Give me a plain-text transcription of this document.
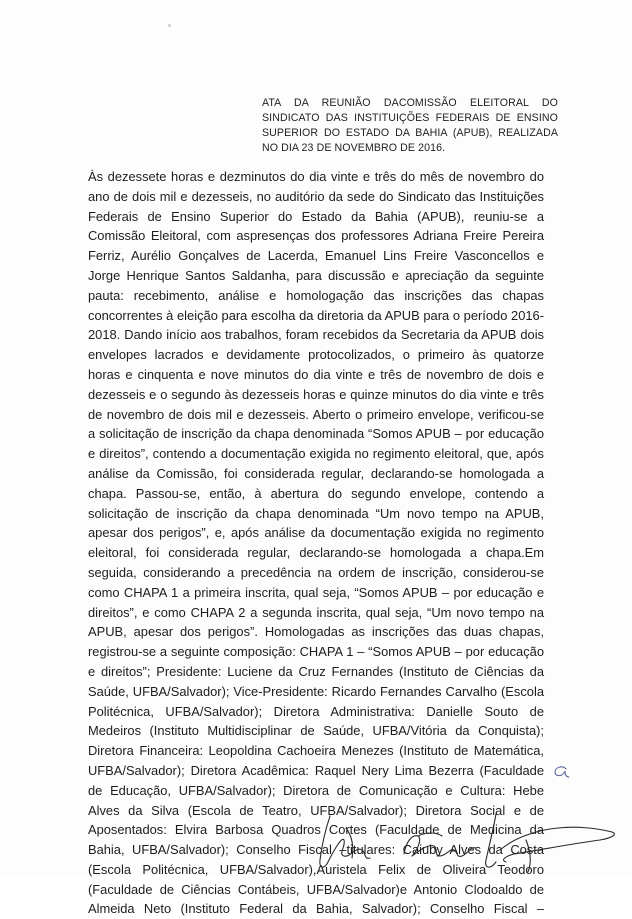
ATA DA REUNIÃO DACOMISSÃO ELEITORAL DO
SINDICATO DAS INSTITUIÇÕES FEDERAIS DE ENSINO
SUPERIOR DO ESTADO DA BAHIA (APUB), REALIZADA
NO DIA 23 DE NOVEMBRO DE 2016.
Às dezessete horas e dezminutos do dia vinte e três do mês de novembro do
ano de dois mil e dezesseis, no auditório da sede do Sindicato das Instituições
Federais de Ensino Superior do Estado da Bahia (APUB), reuniu-se a
Comissão Eleitoral, com aspresenças dos professores Adriana Freire Pereira
Ferriz, Aurélio Gonçalves de Lacerda, Emanuel Lins Freire Vasconcellos e
Jorge Henrique Santos Saldanha, para discussão e apreciação da seguinte
pauta: recebimento, análise e homologação das inscrições das chapas
concorrentes à eleição para escolha da diretoria da APUB para o período 2016-
2018. Dando início aos trabalhos, foram recebidos da Secretaria da APUB dois
envelopes lacrados e devidamente protocolizados, o primeiro às quatorze
horas e cinquenta e nove minutos do dia vinte e três de novembro de dois e
dezesseis e o segundo às dezesseis horas e quinze minutos do dia vinte e três
de novembro de dois mil e dezesseis. Aberto o primeiro envelope, verificou-se
a solicitação de inscrição da chapa denominada “Somos APUB – por educação
e direitos”, contendo a documentação exigida no regimento eleitoral, que, após
análise da Comissão, foi considerada regular, declarando-se homologada a
chapa. Passou-se, então, à abertura do segundo envelope, contendo a
solicitação de inscrição da chapa denominada “Um novo tempo na APUB,
apesar dos perigos”, e, após análise da documentação exigida no regimento
eleitoral, foi considerada regular, declarando-se homologada a chapa.Em
seguida, considerando a precedência na ordem de inscrição, considerou-se
como CHAPA 1 a primeira inscrita, qual seja, “Somos APUB – por educação e
direitos”, e como CHAPA 2 a segunda inscrita, qual seja, “Um novo tempo na
APUB, apesar dos perigos”. Homologadas as inscrições das duas chapas,
registrou-se a seguinte composição: CHAPA 1 – “Somos APUB – por educação
e direitos”; Presidente: Luciene da Cruz Fernandes (Instituto de Ciências da
Saúde, UFBA/Salvador); Vice-Presidente: Ricardo Fernandes Carvalho (Escola
Politécnica, UFBA/Salvador); Diretora Administrativa: Danielle Souto de
Medeiros (Instituto Multidisciplinar de Saúde, UFBA/Vitória da Conquista);
Diretora Financeira: Leopoldina Cachoeira Menezes (Instituto de Matemática,
UFBA/Salvador); Diretora Acadêmica: Raquel Nery Lima Bezerra (Faculdade
de Educação, UFBA/Salvador); Diretora de Comunicação e Cultura: Hebe
Alves da Silva (Escola de Teatro, UFBA/Salvador); Diretora Social e de
Aposentados: Elvira Barbosa Quadros Cortes (Faculdade de Medicina da
Bahia, UFBA/Salvador); Conselho Fiscal –titulares: Caiuby Alves da Costa
(Escola Politécnica, UFBA/Salvador),Auristela Felix de Oliveira Teodoro
(Faculdade de Ciências Contábeis, UFBA/Salvador)e Antonio Clodoaldo de
Almeida Neto (Instituto Federal da Bahia, Salvador); Conselho Fiscal –
